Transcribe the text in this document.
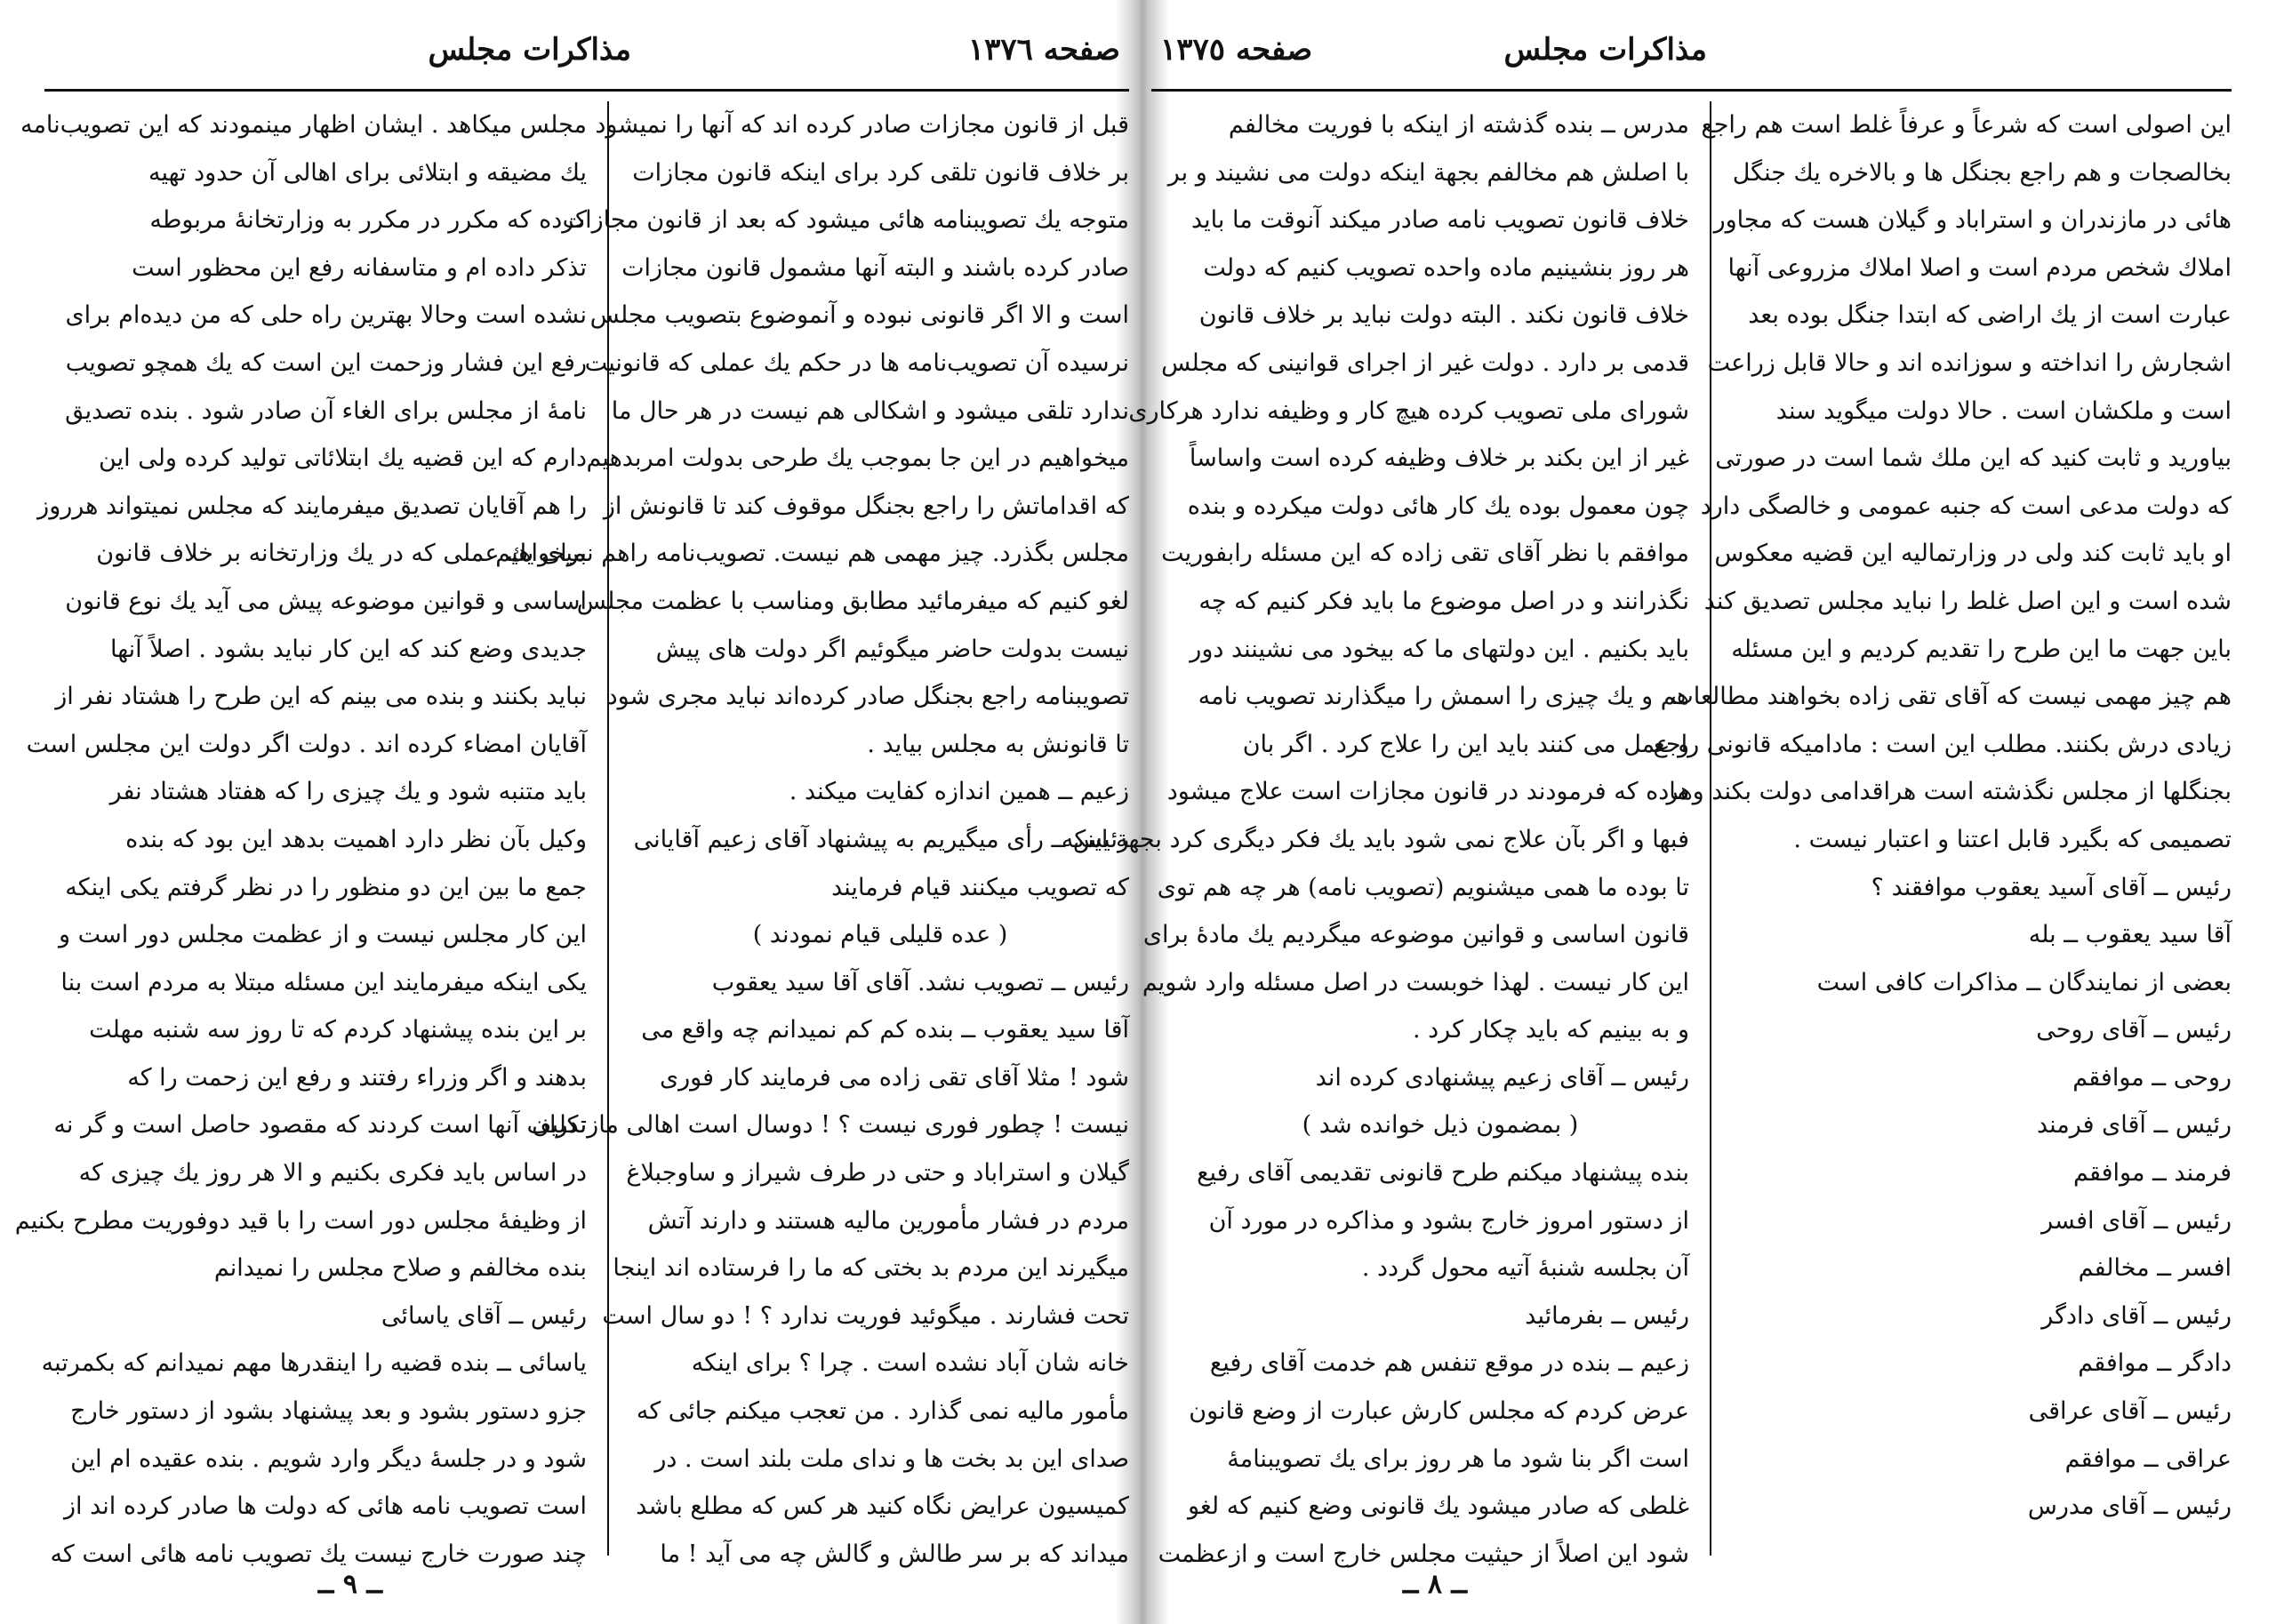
صفحه ١٣٧٦
مذاکرات مجلس
قبل از قانون مجازات صادر کرده اند که آنها را نمیشود
بر خلاف قانون تلقی کرد برای اینکه قانون مجازات
متوجه یك تصویبنامه هائی میشود که بعد از قانون مجازات
صادر کرده باشند و البته آنها مشمول قانون مجازات
است و الا اگر قانونی نبوده و آنموضوع بتصویب مجلس
نرسیده آن تصویب‌نامه ها در حکم یك عملی که قانونیت
ندارد تلقی میشود و اشکالی هم نیست در هر حال ما
میخواهیم در این جا بموجب یك طرحی بدولت امربدهیم
که اقداماتش را راجع بجنگل موقوف کند تا قانونش از
مجلس بگذرد. چیز مهمی هم نیست. تصویب‌نامه راهم نمیخواهیم
لغو کنیم که میفرمائید مطابق ومناسب با عظمت مجلس
نیست بدولت حاضر میگوئیم اگر دولت های پیش
تصویبنامه راجع بجنگل صادر کرده‌اند نباید مجری شود
تا قانونش به مجلس بیاید .
زعیم ــ همین اندازه کفایت میکند .
رئیس ــ رأی میگیریم به پیشنهاد آقای زعیم آقایانی
که تصویب میکنند قیام فرمایند
( عده قلیلی قیام نمودند )
رئیس ــ تصویب نشد. آقای آقا سید یعقوب
آقا سید یعقوب ــ بنده کم کم نمیدانم چه واقع می
شود ! مثلا آقای تقی زاده می فرمایند کار فوری
نیست ! چطور فوری نیست ؟ ! دوسال است اهالی مازندران
گیلان و استراباد و حتی در طرف شیراز و ساوجبلاغ
مردم در فشار مأمورین مالیه هستند و دارند آتش
میگیرند این مردم بد بختی که ما را فرستاده اند اینجا
تحت فشارند . میگوئید فوریت ندارد ؟ ! دو سال است
خانه شان آباد نشده است . چرا ؟ برای اینکه
مأمور مالیه نمی گذارد . من تعجب میکنم جائی که
صدای این بد بخت ها و ندای ملت بلند است . در
کمیسیون عرایض نگاه کنید هر کس که مطلع باشد
میداند که بر سر طالش و گالش چه می آید ! ما
مجلس میکاهد . ایشان اظهار مینمودند که این تصویب‌نامه
یك مضیقه و ابتلائی برای اهالی آن حدود تهیه
کرده که مکرر در مکرر به وزارتخانهٔ مربوطه
تذکر داده ام و متاسفانه رفع این محظور است
نشده است وحالا بهترین راه حلی که من دیده‌ام برای
رفع این فشار وزحمت این است که یك همچو تصویب
نامهٔ از مجلس برای الغاء آن صادر شود . بنده تصدیق
دارم که این قضیه یك ابتلائاتی تولید کرده ولی این
را هم آقایان تصدیق میفرمایند که مجلس نمیتواند هرروز
برای یك عملی که در یك وزارتخانه بر خلاف قانون
اساسی و قوانین موضوعه پیش می آید یك نوع قانون
جدیدی وضع کند که این کار نباید بشود . اصلاً آنها
نباید بکنند و بنده می بینم که این طرح را هشتاد نفر از
آقایان امضاء کرده اند . دولت اگر دولت این مجلس است
باید متنبه شود و یك چیزی را که هفتاد هشتاد نفر
وکیل بآن نظر دارد اهمیت بدهد این بود که بنده
جمع ما بین این دو منظور را در نظر گرفتم یکی اینکه
این کار مجلس نیست و از عظمت مجلس دور است و
یکی اینکه میفرمایند این مسئله مبتلا به مردم است بنا
بر این بنده پیشنهاد کردم که تا روز سه شنبه مهلت
بدهند و اگر وزراء رفتند و رفع این زحمت را که
تکلیف آنها است کردند که مقصود حاصل است و گر نه
در اساس باید فکری بکنیم و الا هر روز یك چیزی که
از وظیفهٔ مجلس دور است را با قید دوفوریت مطرح بکنیم
بنده مخالفم و صلاح مجلس را نمیدانم
رئیس ــ آقای یاسائی
یاسائی ــ بنده قضیه را اینقدرها مهم نمیدانم که بکمرتبه
جزو دستور بشود و بعد پیشنهاد بشود از دستور خارج
شود و در جلسهٔ دیگر وارد شویم . بنده عقیده ام این
است تصویب نامه هائی که دولت ها صادر کرده اند از
چند صورت خارج نیست یك تصویب نامه هائی است که
ــ ٩ ــ
صفحه ١٣٧٥	مذاکرات مجلس
این اصولی است که شرعاً و عرفاً غلط است هم راجع
بخالصجات و هم راجع بجنگل ها و بالاخره یك جنگل
هائی در مازندران و استراباد و گیلان هست که مجاور
املاك شخص مردم است و اصلا املاك مزروعی آنها
عبارت است از یك اراضی که ابتدا جنگل بوده بعد
اشجارش را انداخته و سوزانده اند و حالا قابل زراعت
است و ملکشان است . حالا دولت میگوید سند
بیاورید و ثابت کنید که این ملك شما است در صورتی
که دولت مدعی است که جنبه عمومی و خالصگی دارد
او باید ثابت کند ولی در وزارتمالیه این قضیه معکوس
شده است و این اصل غلط را نباید مجلس تصدیق کند
باین جهت ما این طرح را تقدیم کردیم و این مسئله
هم چیز مهمی نیست که آقای تقی زاده بخواهند مطالعات
زیادی درش بکنند. مطلب این است : مادامیکه قانونی راجع
بجنگلها از مجلس نگذشته است هراقدامی دولت بکند وهر
تصمیمی که بگیرد قابل اعتنا و اعتبار نیست .
رئیس ــ آقای آسید یعقوب موافقند ؟
آقا سید یعقوب ــ بله
بعضی از نمایندگان ــ مذاکرات کافی است
رئیس ــ آقای روحی
روحی ــ موافقم
رئیس ــ آقای فرمند
فرمند ــ موافقم
رئیس ــ آقای افسر
افسر ــ مخالفم
رئیس ــ آقای دادگر
دادگر ــ موافقم
رئیس ــ آقای عراقی
عراقی ــ موافقم
رئیس ــ آقای مدرس
مدرس ــ بنده گذشته از اینکه با فوریت مخالفم
با اصلش هم مخالفم بجهة اینکه دولت می نشیند و بر
خلاف قانون تصویب نامه صادر میکند آنوقت ما باید
هر روز بنشینیم ماده واحده تصویب کنیم که دولت
خلاف قانون نکند . البته دولت نباید بر خلاف قانون
قدمی بر دارد . دولت غیر از اجرای قوانینی که مجلس
شورای ملی تصویب کرده هیچ کار و وظیفه ندارد هرکاری
غیر از این بکند بر خلاف وظیفه کرده است واساساً
چون معمول بوده یك کار هائی دولت میکرده و بنده
موافقم با نظر آقای تقی زاده که این مسئله رابفوریت
نگذرانند و در اصل موضوع ما باید فکر کنیم که چه
باید بکنیم . این دولتهای ما که بیخود می نشینند دور
هم و یك چیزی را اسمش را میگذارند تصویب نامه
و عمل می کنند باید این را علاج کرد . اگر بان
ماده که فرمودند در قانون مجازات است علاج میشود
فبها و اگر بآن علاج نمی شود باید یك فکر دیگری کرد بجهة اینکه
تا بوده ما همی میشنویم (تصویب نامه) هر چه هم توی
قانون اساسی و قوانین موضوعه میگردیم یك مادهٔ برای
این کار نیست . لهذا خوبست در اصل مسئله وارد شویم
و به بینیم که باید چکار کرد .
رئیس ــ آقای زعیم پیشنهادی کرده اند
( بمضمون ذیل خوانده شد )
بنده پیشنهاد میکنم طرح قانونی تقدیمی آقای رفیع
از دستور امروز خارج بشود و مذاکره در مورد آن
آن بجلسه شنبهٔ آتیه محول گردد .
رئیس ــ بفرمائید
زعیم ــ بنده در موقع تنفس هم خدمت آقای رفیع
عرض کردم که مجلس کارش عبارت از وضع قانون
است اگر بنا شود ما هر روز برای یك تصویبنامهٔ
غلطی که صادر میشود یك قانونی وضع کنیم که لغو
شود این اصلاً از حیثیت مجلس خارج است و ازعظمت
ــ ٨ ــ
